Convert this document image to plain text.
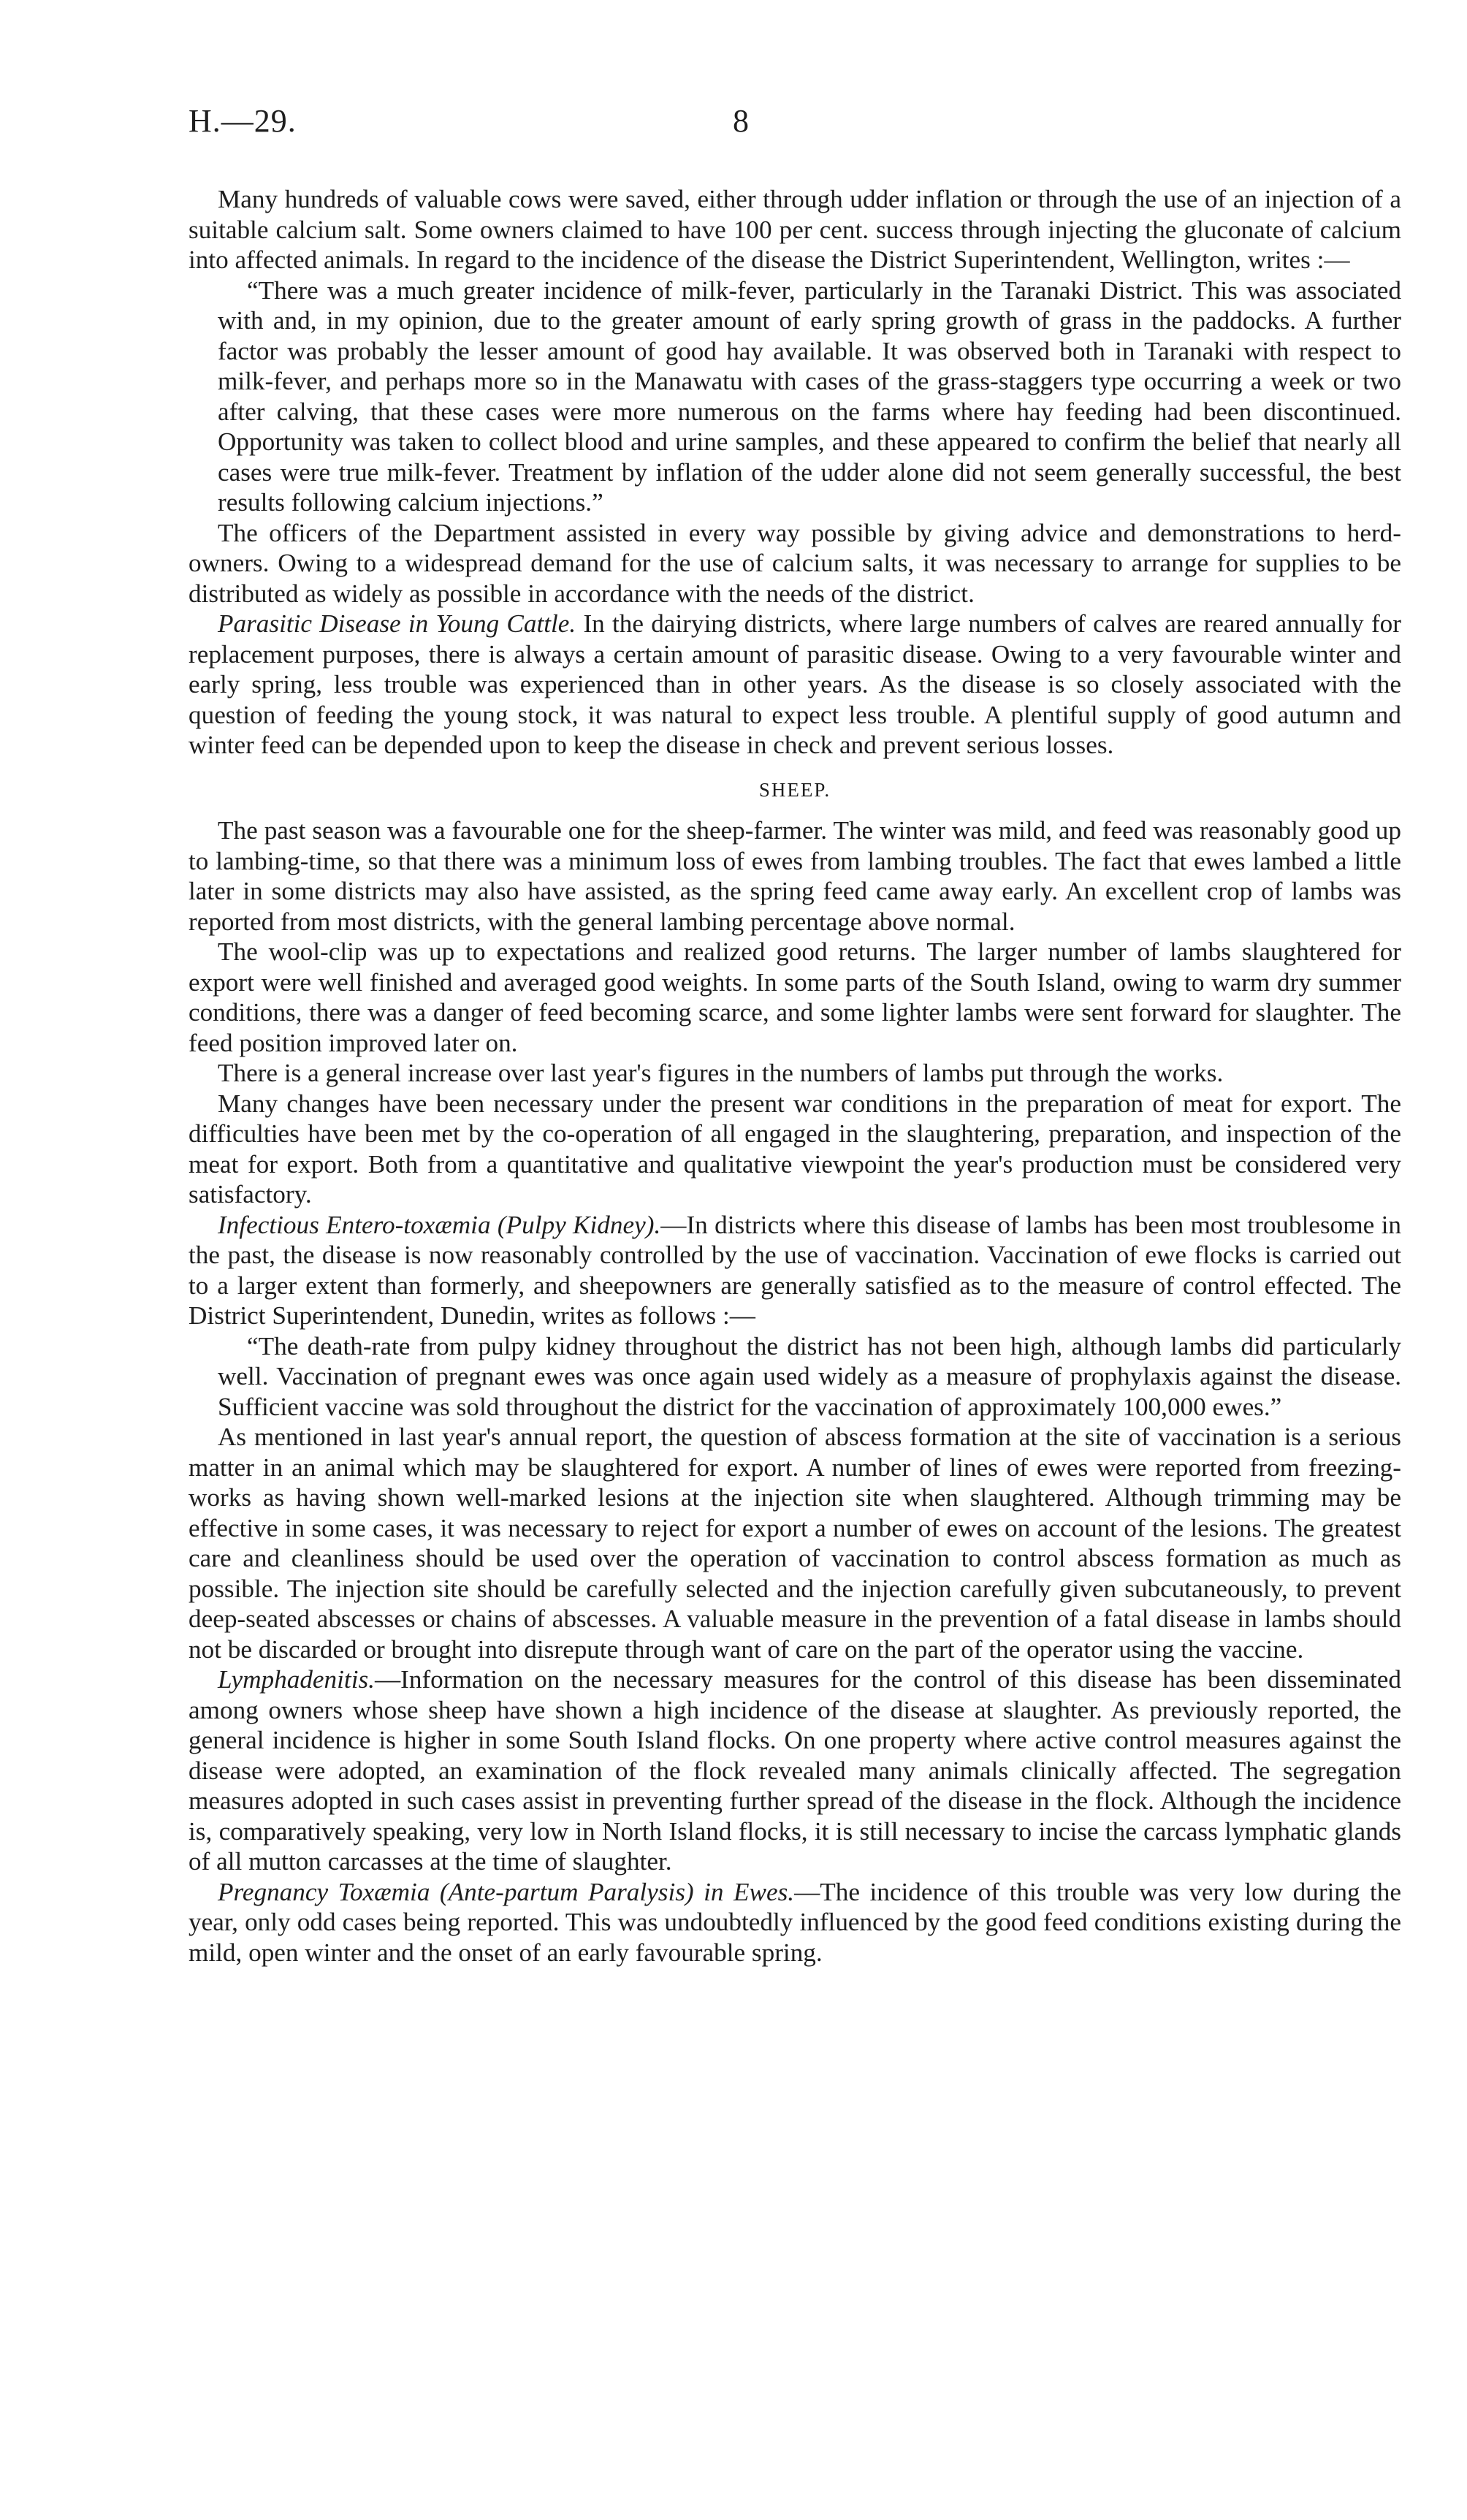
H.—29.	8

Many hundreds of valuable cows were saved, either through udder inflation or through the use of an injection of a suitable calcium salt. Some owners claimed to have 100 per cent. success through injecting the gluconate of calcium into affected animals. In regard to the incidence of the disease the District Superintendent, Wellington, writes :—

“There was a much greater incidence of milk-fever, particularly in the Taranaki District. This was associated with and, in my opinion, due to the greater amount of early spring growth of grass in the paddocks. A further factor was probably the lesser amount of good hay available. It was observed both in Taranaki with respect to milk-fever, and perhaps more so in the Manawatu with cases of the grass-staggers type occurring a week or two after calving, that these cases were more numerous on the farms where hay feeding had been discontinued. Opportunity was taken to collect blood and urine samples, and these appeared to confirm the belief that nearly all cases were true milk-fever. Treatment by inflation of the udder alone did not seem generally successful, the best results following calcium injections.”

The officers of the Department assisted in every way possible by giving advice and demonstrations to herd-owners. Owing to a widespread demand for the use of calcium salts, it was necessary to arrange for supplies to be distributed as widely as possible in accordance with the needs of the district.

Parasitic Disease in Young Cattle. In the dairying districts, where large numbers of calves are reared annually for replacement purposes, there is always a certain amount of parasitic disease. Owing to a very favourable winter and early spring, less trouble was experienced than in other years. As the disease is so closely associated with the question of feeding the young stock, it was natural to expect less trouble. A plentiful supply of good autumn and winter feed can be depended upon to keep the disease in check and prevent serious losses.

SHEEP.

The past season was a favourable one for the sheep-farmer. The winter was mild, and feed was reasonably good up to lambing-time, so that there was a minimum loss of ewes from lambing troubles. The fact that ewes lambed a little later in some districts may also have assisted, as the spring feed came away early. An excellent crop of lambs was reported from most districts, with the general lambing percentage above normal.

The wool-clip was up to expectations and realized good returns. The larger number of lambs slaughtered for export were well finished and averaged good weights. In some parts of the South Island, owing to warm dry summer conditions, there was a danger of feed becoming scarce, and some lighter lambs were sent forward for slaughter. The feed position improved later on.

There is a general increase over last year's figures in the numbers of lambs put through the works.

Many changes have been necessary under the present war conditions in the preparation of meat for export. The difficulties have been met by the co-operation of all engaged in the slaughtering, preparation, and inspection of the meat for export. Both from a quantitative and qualitative viewpoint the year's production must be considered very satisfactory.

Infectious Entero-toxæmia (Pulpy Kidney).—In districts where this disease of lambs has been most troublesome in the past, the disease is now reasonably controlled by the use of vaccination. Vaccination of ewe flocks is carried out to a larger extent than formerly, and sheepowners are generally satisfied as to the measure of control effected. The District Superintendent, Dunedin, writes as follows :—

“The death-rate from pulpy kidney throughout the district has not been high, although lambs did particularly well. Vaccination of pregnant ewes was once again used widely as a measure of prophylaxis against the disease. Sufficient vaccine was sold throughout the district for the vaccination of approximately 100,000 ewes.”

As mentioned in last year's annual report, the question of abscess formation at the site of vaccination is a serious matter in an animal which may be slaughtered for export. A number of lines of ewes were reported from freezing-works as having shown well-marked lesions at the injection site when slaughtered. Although trimming may be effective in some cases, it was necessary to reject for export a number of ewes on account of the lesions. The greatest care and cleanliness should be used over the operation of vaccination to control abscess formation as much as possible. The injection site should be carefully selected and the injection carefully given subcutaneously, to prevent deep-seated abscesses or chains of abscesses. A valuable measure in the prevention of a fatal disease in lambs should not be discarded or brought into disrepute through want of care on the part of the operator using the vaccine.

Lymphadenitis.—Information on the necessary measures for the control of this disease has been disseminated among owners whose sheep have shown a high incidence of the disease at slaughter. As previously reported, the general incidence is higher in some South Island flocks. On one property where active control measures against the disease were adopted, an examination of the flock revealed many animals clinically affected. The segregation measures adopted in such cases assist in preventing further spread of the disease in the flock. Although the incidence is, comparatively speaking, very low in North Island flocks, it is still necessary to incise the carcass lymphatic glands of all mutton carcasses at the time of slaughter.

Pregnancy Toxæmia (Ante-partum Paralysis) in Ewes.—The incidence of this trouble was very low during the year, only odd cases being reported. This was undoubtedly influenced by the good feed conditions existing during the mild, open winter and the onset of an early favourable spring.
